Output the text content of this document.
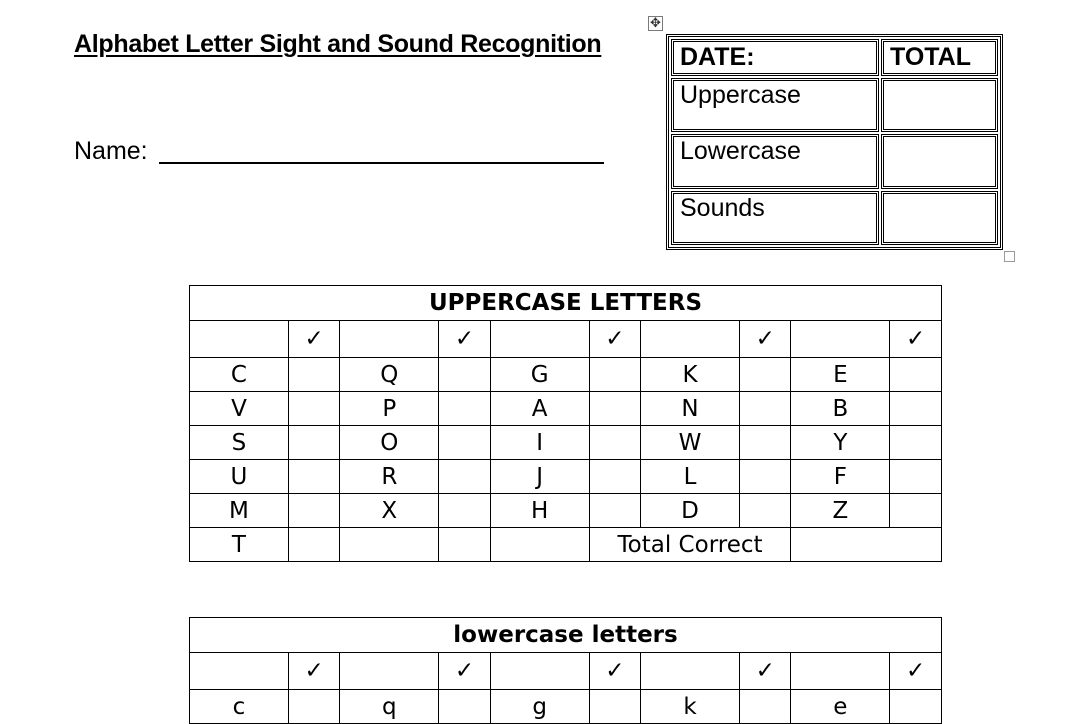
Alphabet Letter Sight and Sound Recognition
Name:
✥
DATE:	TOTAL
Uppercase	
Lowercase	
Sounds	
UPPERCASE LETTERS									
	✓		✓		✓		✓		✓
C		Q		G		K		E	
V		P		A		N		B	
S		O		I		W		Y	
U		R		J		L		F	
M		X		H		D		Z	
T					Total Correct				
lowercase letters									
	✓		✓		✓		✓		✓
c		q		g		k		e	
